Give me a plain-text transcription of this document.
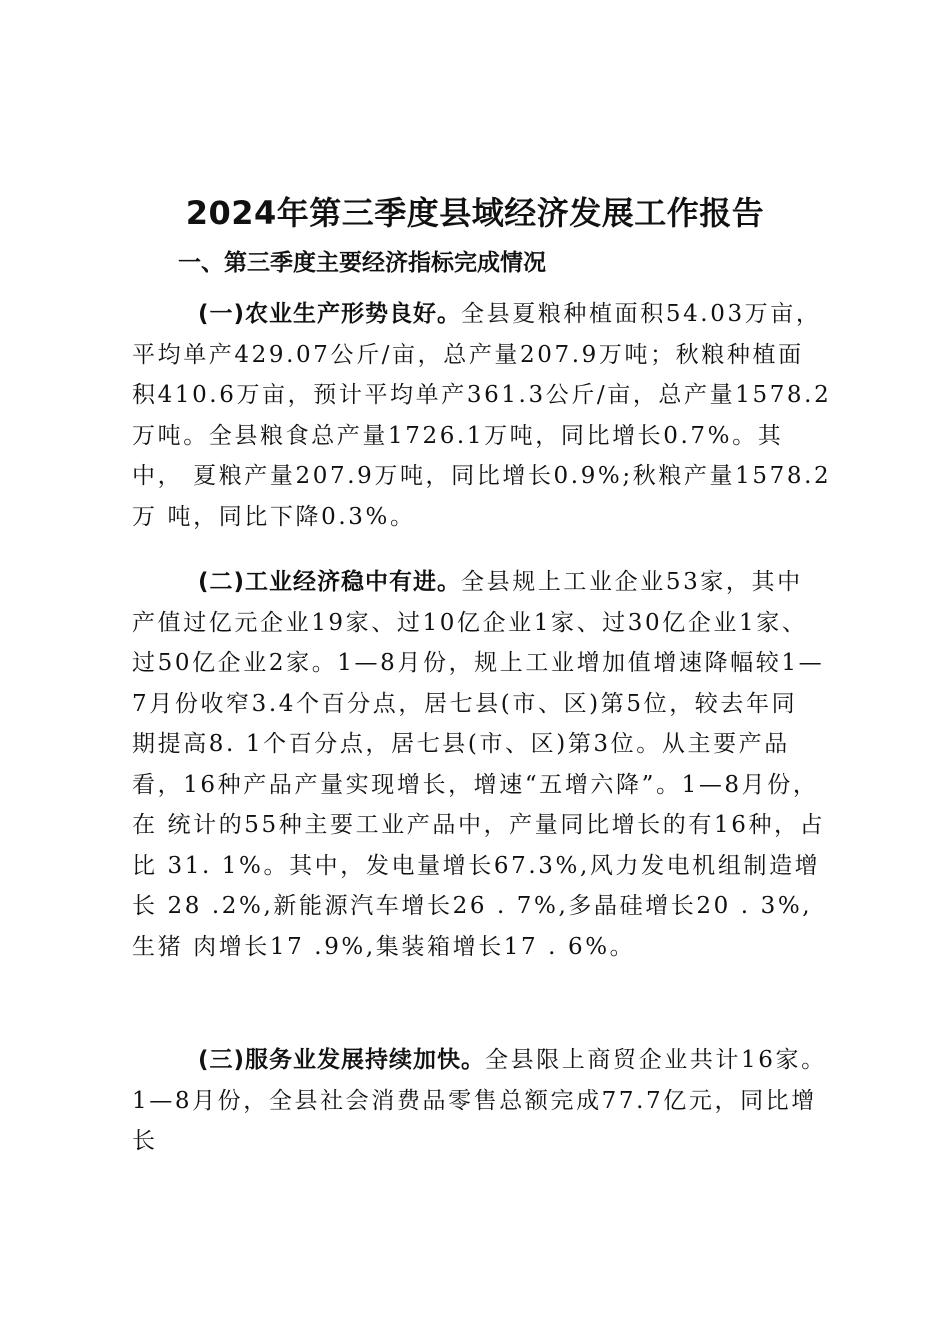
2024年第三季度县域经济发展工作报告
一、第三季度主要经济指标完成情况

(一)农业生产形势良好。全县夏粮种植面积54.03万亩， 平均单产429.07公斤/亩，总产量207.9万吨；秋粮种植面 积410.6万亩，预计平均单产361.3公斤/亩，总产量1578.2 万吨。全县粮食总产量1726.1万吨，同比增长0.7%。其中， 夏粮产量207.9万吨，同比增长0.9%;秋粮产量1578.2万 吨，同比下降0.3%。

(二)工业经济稳中有进。全县规上工业企业53家，其中 产值过亿元企业19家、过10亿企业1家、过30亿企业1家、 过50亿企业2家。1—8月份，规上工业增加值增速降幅较1— 7月份收窄3.4个百分点，居七县(市、区)第5位，较去年同 期提高8. 1个百分点，居七县(市、区)第3位。从主要产品 看，16种产品产量实现增长，增速“五增六降”。1—8月份，在 统计的55种主要工业产品中，产量同比增长的有16种，占比 31. 1%。其中，发电量增长67.3%,风力发电机组制造增长 28 .2%,新能源汽车增长26 . 7%,多晶硅增长20 . 3%,生猪 肉增长17 .9%,集装箱增长17 . 6%。

(三)服务业发展持续加快。全县限上商贸企业共计16家。 1—8月份，全县社会消费品零售总额完成77.7亿元，同比增长
